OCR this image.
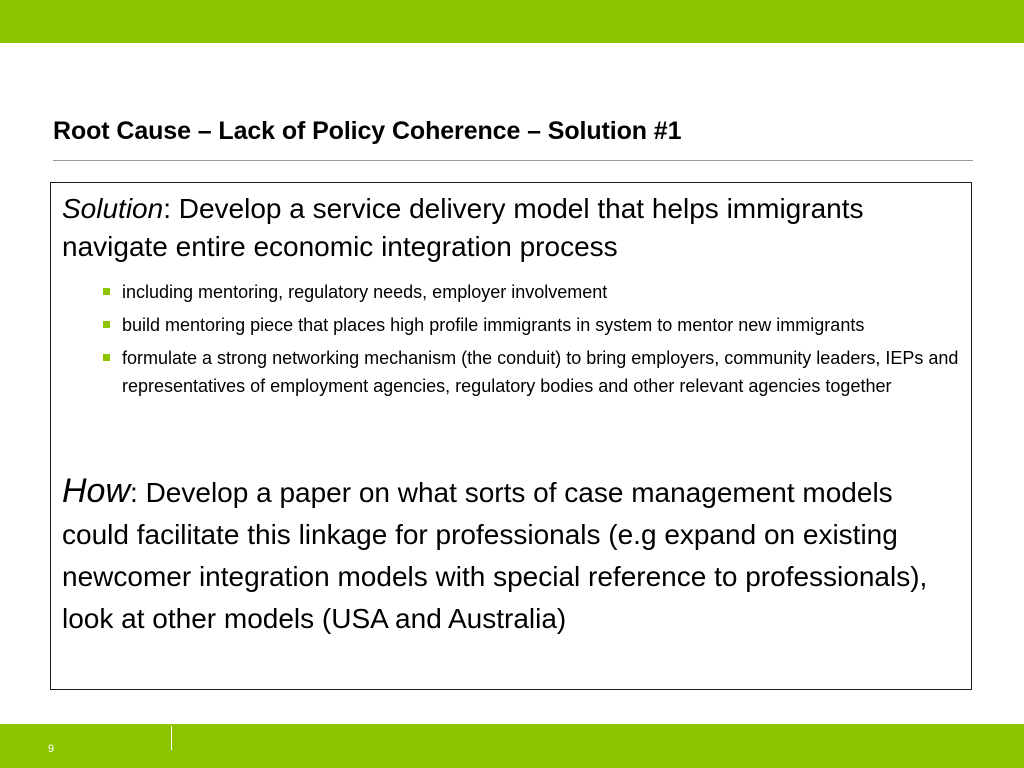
Root Cause – Lack of Policy Coherence – Solution #1

Solution: Develop a service delivery model that helps immigrants navigate entire economic integration process

including mentoring, regulatory needs, employer involvement
build mentoring piece that places high profile immigrants in system to mentor new immigrants
formulate a strong networking mechanism (the conduit) to bring employers, community leaders, IEPs and representatives of employment agencies, regulatory bodies and other relevant agencies together

How: Develop a paper on what sorts of case management models could facilitate this linkage for professionals (e.g expand on existing newcomer integration models with special reference to professionals), look at other models (USA and Australia)

9
